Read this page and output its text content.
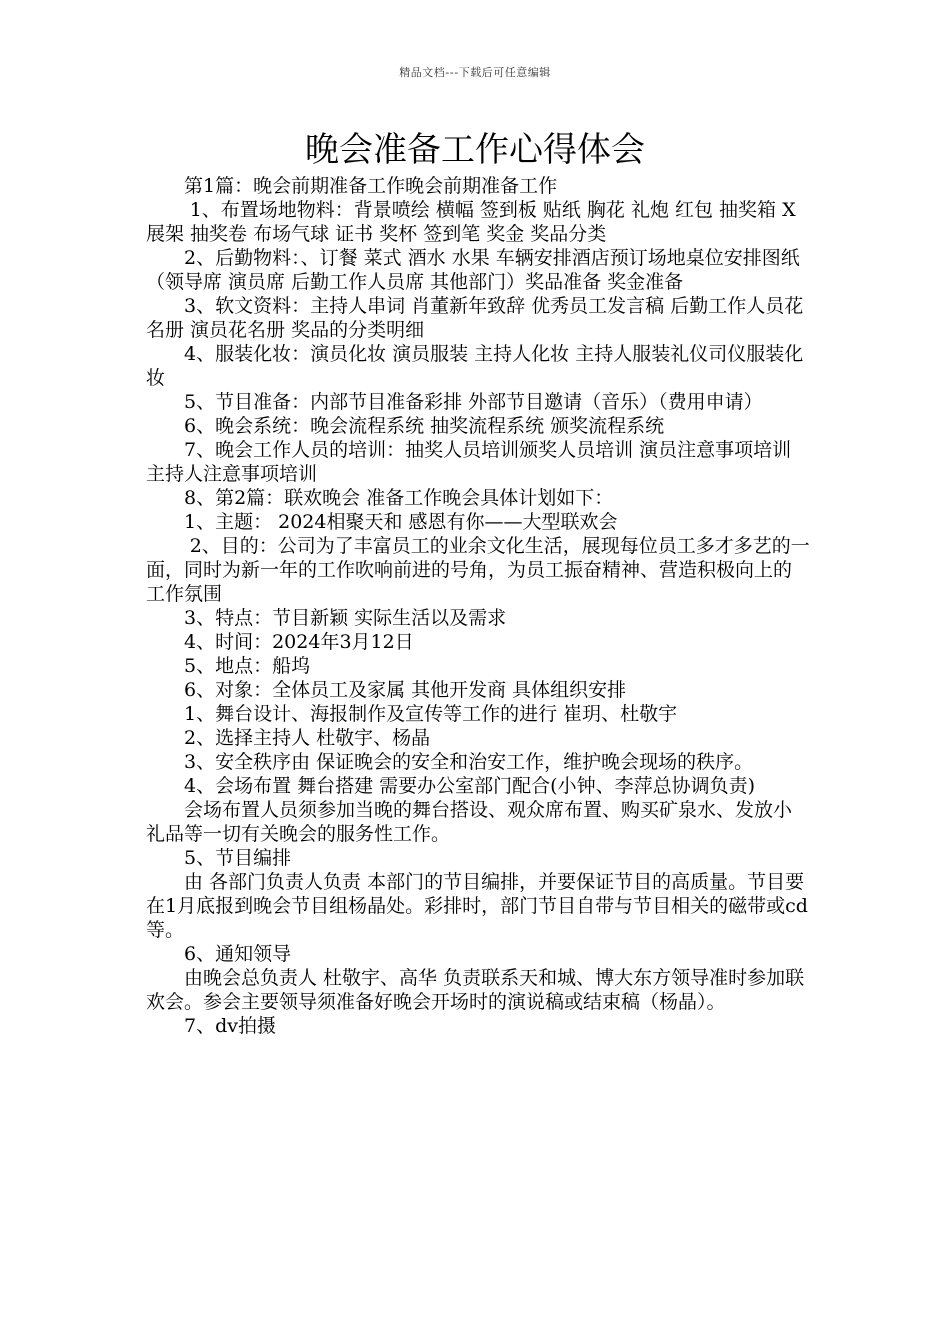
精品文档---下载后可任意编辑
晚会准备工作心得体会

第1篇：晚会前期准备工作晚会前期准备工作

1、布置场地物料：背景喷绘 横幅 签到板 贴纸 胸花 礼炮 红包 抽奖箱 X展架 抽奖卷 布场气球 证书 奖杯 签到笔 奖金 奖品分类

2、后勤物料：、订餐 菜式 酒水 水果 车辆安排酒店预订场地桌位安排图纸 （领导席 演员席 后勤工作人员席 其他部门）奖品准备 奖金准备

3、软文资料：主持人串词 肖董新年致辞 优秀员工发言稿 后勤工作人员花名册 演员花名册 奖品的分类明细

4、服装化妆：演员化妆 演员服装 主持人化妆 主持人服装礼仪司仪服装化妆

5、节目准备：内部节目准备彩排 外部节目邀请（音乐）（费用申请）

6、晚会系统：晚会流程系统 抽奖流程系统 颁奖流程系统

7、晚会工作人员的培训：抽奖人员培训颁奖人员培训 演员注意事项培训 主持人注意事项培训

8、第2篇：联欢晚会 准备工作晚会具体计划如下：

1、主题： 2024相聚天和 感恩有你——大型联欢会

2、目的：公司为了丰富员工的业余文化生活，展现每位员工多才多艺的一面，同时为新一年的工作吹响前进的号角，为员工振奋精神、营造积极向上的工作氛围

3、特点：节目新颖 实际生活以及需求

4、时间：2024年3月12日

5、地点：船坞

6、对象：全体员工及家属 其他开发商 具体组织安排

1、舞台设计、海报制作及宣传等工作的进行 崔玥、杜敬宇

2、选择主持人 杜敬宇、杨晶

3、安全秩序由 保证晚会的安全和治安工作，维护晚会现场的秩序。

4、会场布置 舞台搭建 需要办公室部门配合(小钟、李萍总协调负责)

会场布置人员须参加当晚的舞台搭设、观众席布置、购买矿泉水、发放小礼品等一切有关晚会的服务性工作。

5、节目编排

由 各部门负责人负责 本部门的节目编排，并要保证节目的高质量。节目要在1月底报到晚会节目组杨晶处。彩排时，部门节目自带与节目相关的磁带或cd等。

6、通知领导

由晚会总负责人 杜敬宇、高华 负责联系天和城、博大东方领导准时参加联欢会。参会主要领导须准备好晚会开场时的演说稿或结束稿（杨晶）。

7、dv拍摄
